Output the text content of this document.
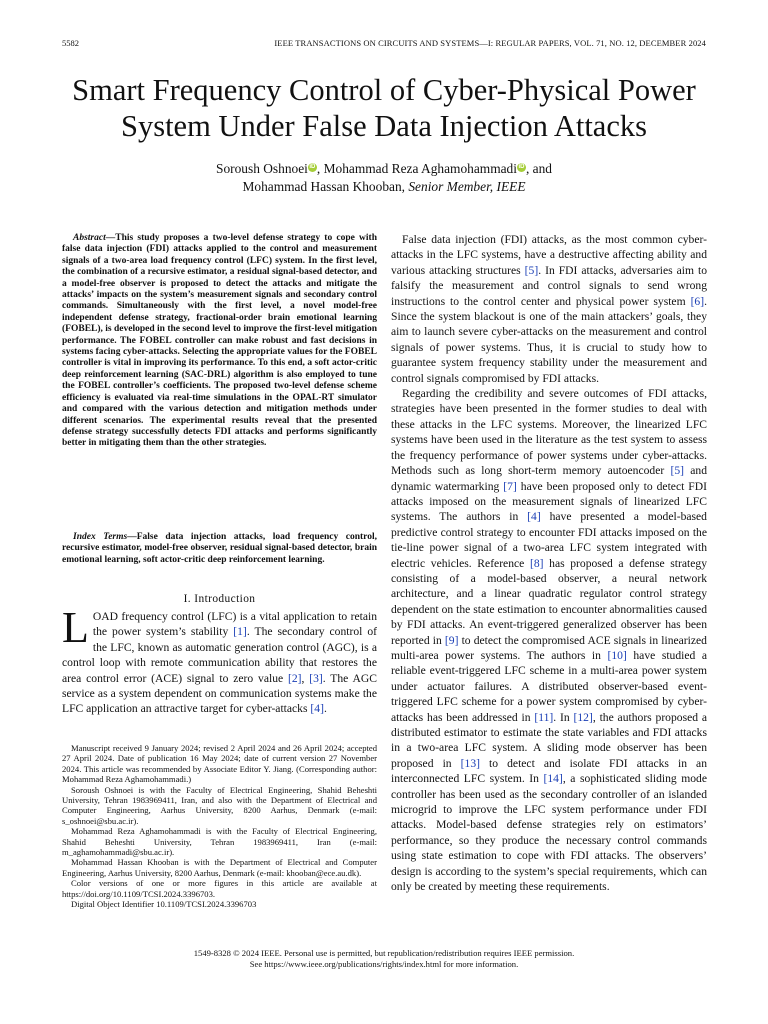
5582	IEEE TRANSACTIONS ON CIRCUITS AND SYSTEMS—I: REGULAR PAPERS, VOL. 71, NO. 12, DECEMBER 2024
Smart Frequency Control of Cyber-Physical Power System Under False Data Injection Attacks
Soroush Oshnoei iD , Mohammad Reza Aghamohammadi iD , and
Mohammad Hassan Khooban, Senior Member, IEEE

Abstract—This study proposes a two-level defense strategy to cope with false data injection (FDI) attacks applied to the control and measurement signals of a two-area load frequency control (LFC) system. In the first level, the combination of a recursive estimator, a residual signal-based detector, and a model-free observer is proposed to detect the attacks and mitigate the attacks’ impacts on the system’s measurement signals and secondary control commands. Simultaneously with the first level, a novel model-free independent defense strategy, fractional-order brain emotional learning (FOBEL), is developed in the second level to improve the first-level mitigation performance. The FOBEL controller can make robust and fast decisions in systems facing cyber-attacks. Selecting the appropriate values for the FOBEL controller is vital in improving its performance. To this end, a soft actor-critic deep reinforcement learning (SAC-DRL) algorithm is also employed to tune the FOBEL controller’s coefficients. The proposed two-level defense scheme efficiency is evaluated via real-time simulations in the OPAL-RT simulator and compared with the various detection and mitigation methods under different scenarios. The experimental results reveal that the presented defense strategy successfully detects FDI attacks and performs significantly better in mitigating them than the other strategies.

Index Terms—False data injection attacks, load frequency control, recursive estimator, model-free observer, residual signal-based detector, brain emotional learning, soft actor-critic deep reinforcement learning.

I. Introduction

LOAD frequency control (LFC) is a vital application to retain the power system’s stability [1]. The secondary control of the LFC, known as automatic generation control (AGC), is a control loop with remote communication ability that restores the area control error (ACE) signal to zero value [2], [3]. The AGC service as a system dependent on communication systems make the LFC application an attractive target for cyber-attacks [4].

Manuscript received 9 January 2024; revised 2 April 2024 and 26 April 2024; accepted 27 April 2024. Date of publication 16 May 2024; date of current version 27 November 2024. This article was recommended by Associate Editor Y. Jiang. (Corresponding author: Mohammad Reza Aghamohammadi.)

Soroush Oshnoei is with the Faculty of Electrical Engineering, Shahid Beheshti University, Tehran 1983969411, Iran, and also with the Department of Electrical and Computer Engineering, Aarhus University, 8200 Aarhus, Denmark (e-mail: s_oshnoei@sbu.ac.ir).

Mohammad Reza Aghamohammadi is with the Faculty of Electrical Engineering, Shahid Beheshti University, Tehran 1983969411, Iran (e-mail: m_aghamohammadi@sbu.ac.ir).

Mohammad Hassan Khooban is with the Department of Electrical and Computer Engineering, Aarhus University, 8200 Aarhus, Denmark (e-mail: khooban@ece.au.dk).

Color versions of one or more figures in this article are available at https://doi.org/10.1109/TCSI.2024.3396703.

Digital Object Identifier 10.1109/TCSI.2024.3396703

False data injection (FDI) attacks, as the most common cyber-attacks in the LFC systems, have a destructive affecting ability and various attacking structures [5]. In FDI attacks, adversaries aim to falsify the measurement and control signals to send wrong instructions to the control center and physical power system [6]. Since the system blackout is one of the main attackers’ goals, they aim to launch severe cyber-attacks on the measurement and control signals of power systems. Thus, it is crucial to study how to guarantee system frequency stability under the measurement and control signals compromised by FDI attacks.

Regarding the credibility and severe outcomes of FDI attacks, strategies have been presented in the former studies to deal with these attacks in the LFC systems. Moreover, the linearized LFC systems have been used in the literature as the test system to assess the frequency performance of power systems under cyber-attacks. Methods such as long short-term memory autoencoder [5] and dynamic watermarking [7] have been proposed only to detect FDI attacks imposed on the measurement signals of linearized LFC systems. The authors in [4] have presented a model-based predictive control strategy to encounter FDI attacks imposed on the tie-line power signal of a two-area LFC system integrated with electric vehicles. Reference [8] has proposed a defense strategy consisting of a model-based observer, a neural network architecture, and a linear quadratic regulator control strategy dependent on the state estimation to encounter abnormalities caused by FDI attacks. An event-triggered generalized observer has been reported in [9] to detect the compromised ACE signals in linearized multi-area power systems. The authors in [10] have studied a reliable event-triggered LFC scheme in a multi-area power system under actuator failures. A distributed observer-based event-triggered LFC scheme for a power system compromised by cyber-attacks has been addressed in [11]. In [12], the authors proposed a distributed estimator to estimate the state variables and FDI attacks in a two-area LFC system. A sliding mode observer has been proposed in [13] to detect and isolate FDI attacks in an interconnected LFC system. In [14], a sophisticated sliding mode controller has been used as the secondary controller of an islanded microgrid to improve the LFC system performance under FDI attacks. Model-based defense strategies rely on estimators’ performance, so they produce the necessary control commands using state estimation to cope with FDI attacks. The observers’ design is according to the system’s special requirements, which can only be created by meeting these requirements.

1549-8328 © 2024 IEEE. Personal use is permitted, but republication/redistribution requires IEEE permission.
See https://www.ieee.org/publications/rights/index.html for more information.
